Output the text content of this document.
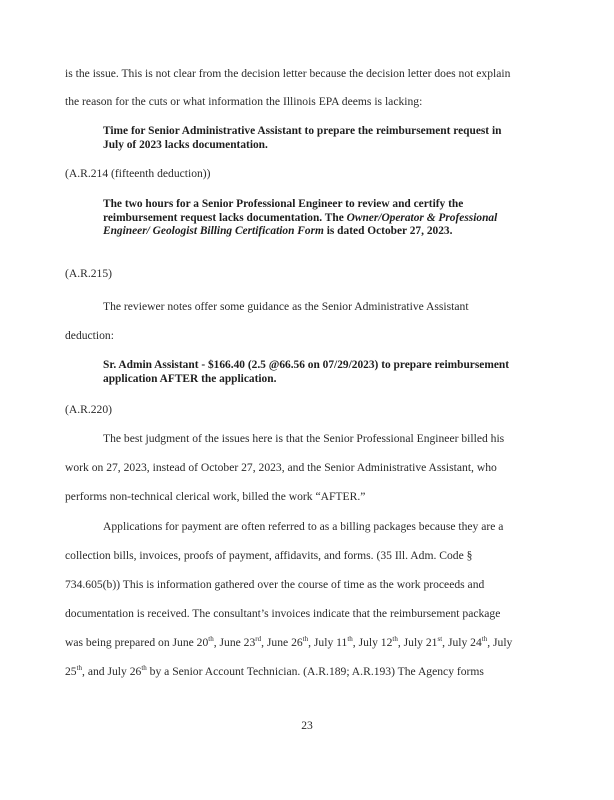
is the issue. This is not clear from the decision letter because the decision letter does not explain
the reason for the cuts or what information the Illinois EPA deems is lacking:
Time for Senior Administrative Assistant to prepare the reimbursement request in July of 2023 lacks documentation.
(A.R.214 (fifteenth deduction))
The two hours for a Senior Professional Engineer to review and certify the reimbursement request lacks documentation. The Owner/Operator & Professional Engineer/ Geologist Billing Certification Form is dated October 27, 2023.
(A.R.215)
The reviewer notes offer some guidance as the Senior Administrative Assistant
deduction:
Sr. Admin Assistant - $166.40 (2.5 @66.56 on 07/29/2023) to prepare reimbursement application AFTER the application.
(A.R.220)
The best judgment of the issues here is that the Senior Professional Engineer billed his
work on 27, 2023, instead of October 27, 2023, and the Senior Administrative Assistant, who
performs non-technical clerical work, billed the work “AFTER.”
Applications for payment are often referred to as a billing packages because they are a
collection bills, invoices, proofs of payment, affidavits, and forms. (35 Ill. Adm. Code §
734.605(b)) This is information gathered over the course of time as the work proceeds and
documentation is received. The consultant’s invoices indicate that the reimbursement package
was being prepared on June 20th, June 23rd, June 26th, July 11th, July 12th, July 21st, July 24th, July
25th, and July 26th by a Senior Account Technician. (A.R.189; A.R.193) The Agency forms
23
